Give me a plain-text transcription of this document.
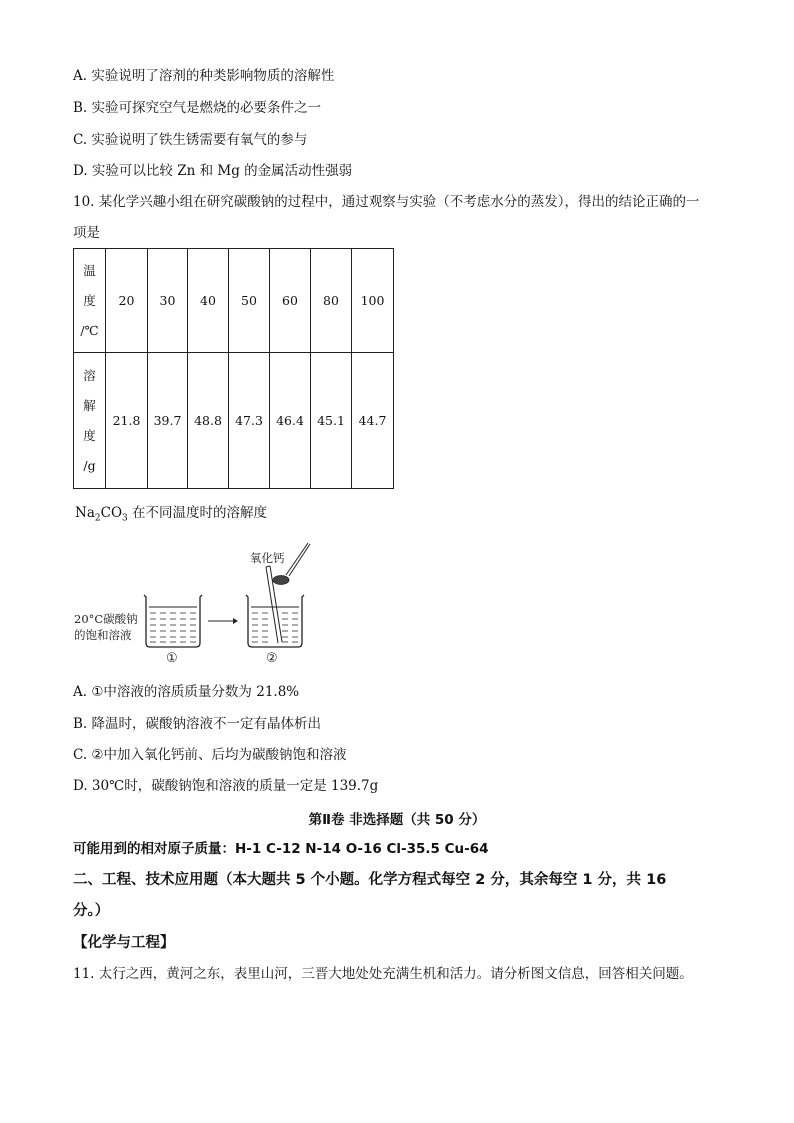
A. 实验说明了溶剂的种类影响物质的溶解性
B. 实验可探究空气是燃烧的必要条件之一
C. 实验说明了铁生锈需要有氧气的参与
D. 实验可以比较 Zn 和 Mg 的金属活动性强弱
10. 某化学兴趣小组在研究碳酸钠的过程中，通过观察与实验（不考虑水分的蒸发），得出的结论正确的一
项是
温
度
/℃	20	30	40	50	60	80	100

溶
解
度
/g	21.8	39.7	48.8	47.3	46.4	45.1	44.7
$Na_2CO_3$ 在不同温度时的溶解度
20°C碳酸钠
的饱和溶液
①
氧化钙
②
A. ①中溶液的溶质质量分数为 21.8%
B. 降温时，碳酸钠溶液不一定有晶体析出
C. ②中加入氧化钙前、后均为碳酸钠饱和溶液
D. 30℃时，碳酸钠饱和溶液的质量一定是 139.7g
第Ⅱ卷 非选择题（共 50 分）
可能用到的相对原子质量：H-1 C-12 N-14 O-16 Cl-35.5 Cu-64
二、工程、技术应用题（本大题共 5 个小题。化学方程式每空 2 分，其余每空 1 分，共 16
分。）
【化学与工程】
11. 太行之西，黄河之东，表里山河，三晋大地处处充满生机和活力。请分析图文信息，回答相关问题。
